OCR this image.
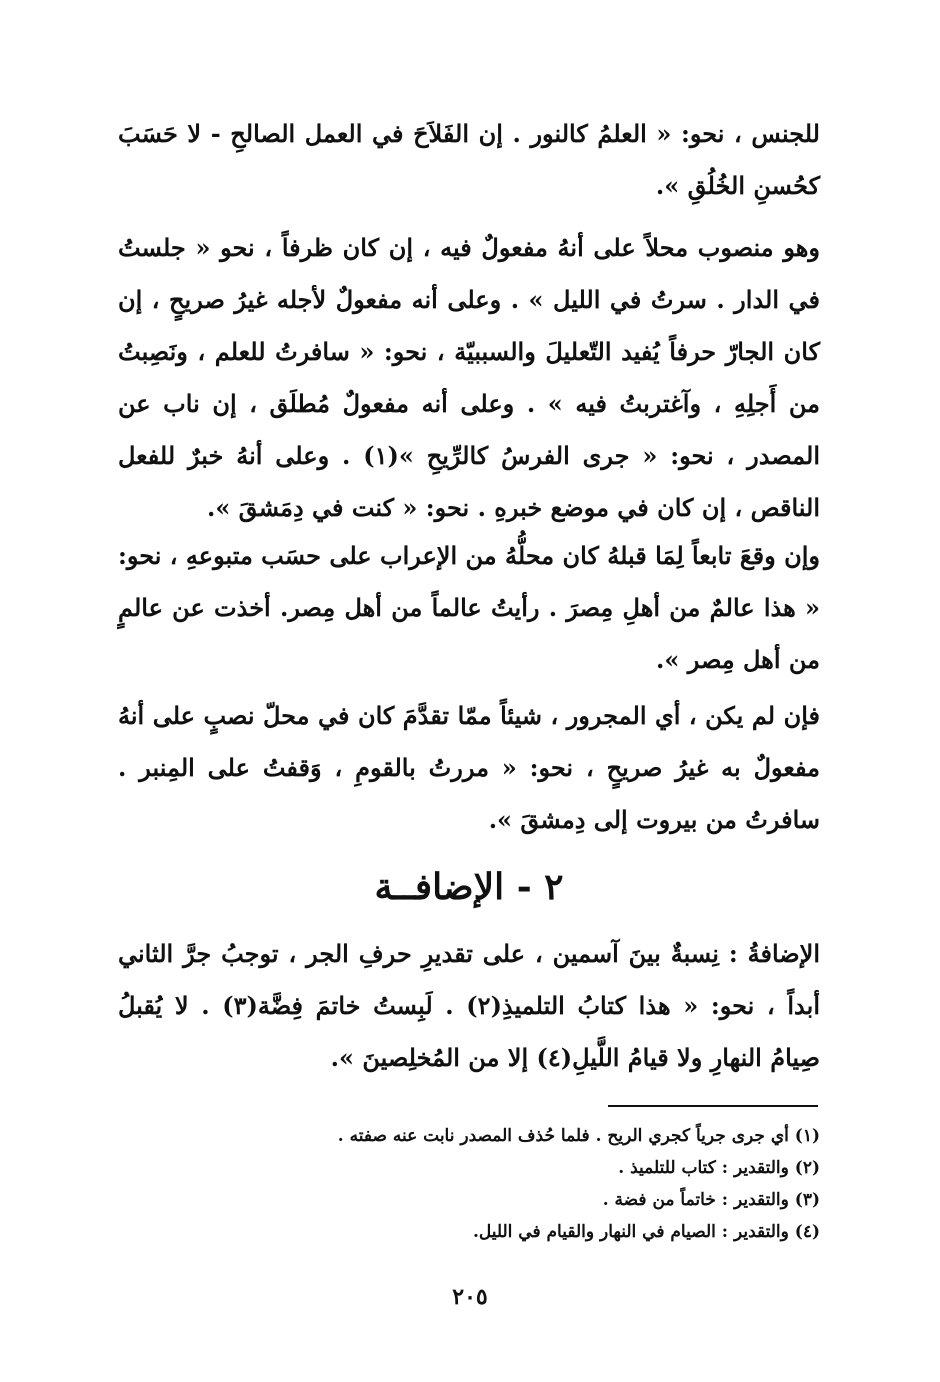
للجنس ، نحو: « العلمُ كالنور . إن الفَلاَحَ في العمل الصالحِ - لا حَسَبَ كحُسنِ الخُلُقِ ».

وهو منصوب محلاً على أنهُ مفعولٌ فيه ، إن كان ظرفاً ، نحو « جلستُ في الدار . سرتُ في الليل » . وعلى أنه مفعولٌ لأجله غيرُ صريحٍ ، إن كان الجارّ حرفاً يُفيد التّعليلَ والسببيّة ، نحو: « سافرتُ للعلم ، ونَصِبتُ من أَجلِهِ ، وآغتربتُ فيه » . وعلى أنه مفعولٌ مُطلَق ، إن ناب عن المصدر ، نحو: « جرى الفرسُ كالرِّيحِ »(١) . وعلى أنهُ خبرٌ للفعل الناقص ، إن كان في موضع خبرهِ . نحو: « كنت في دِمَشقَ ».

وإن وقعَ تابعاً لِمَا قبلهُ كان محلُّهُ من الإعراب على حسَب متبوعهِ ، نحو: « هذا عالمٌ من أهلِ مِصرَ . رأيتُ عالماً من أهل مِصر. أخذت عن عالمٍ من أهل مِصر ».

فإن لم يكن ، أي المجرور ، شيئاً ممّا تقدَّمَ كان في محلّ نصبٍ على أنهُ مفعولٌ به غيرُ صريحٍ ، نحو: « مررتُ بالقومِ ، وَقفتُ على المِنبر . سافرتُ من بيروت إلى دِمشقَ ».

٢ - الإضافــة

الإضافةُ : نِسبةٌ بينَ آسمين ، على تقديرِ حرفِ الجر ، توجبُ جرَّ الثاني أبداً ، نحو: « هذا كتابُ التلميذِ(٢) . لَبِستُ خاتمَ فِضَّة(٣) . لا يُقبلُ صِيامُ النهارِ ولا قيامُ اللَّيلِ(٤) إلا من المُخلِصينَ ».

(١) أي جرى جرياً كجري الريح . فلما حُذف المصدر نابت عنه صفته .
(٢) والتقدير : كتاب للتلميذ .
(٣) والتقدير : خاتماً من فضة .
(٤) والتقدير : الصيام في النهار والقيام في الليل.
٢٠٥
